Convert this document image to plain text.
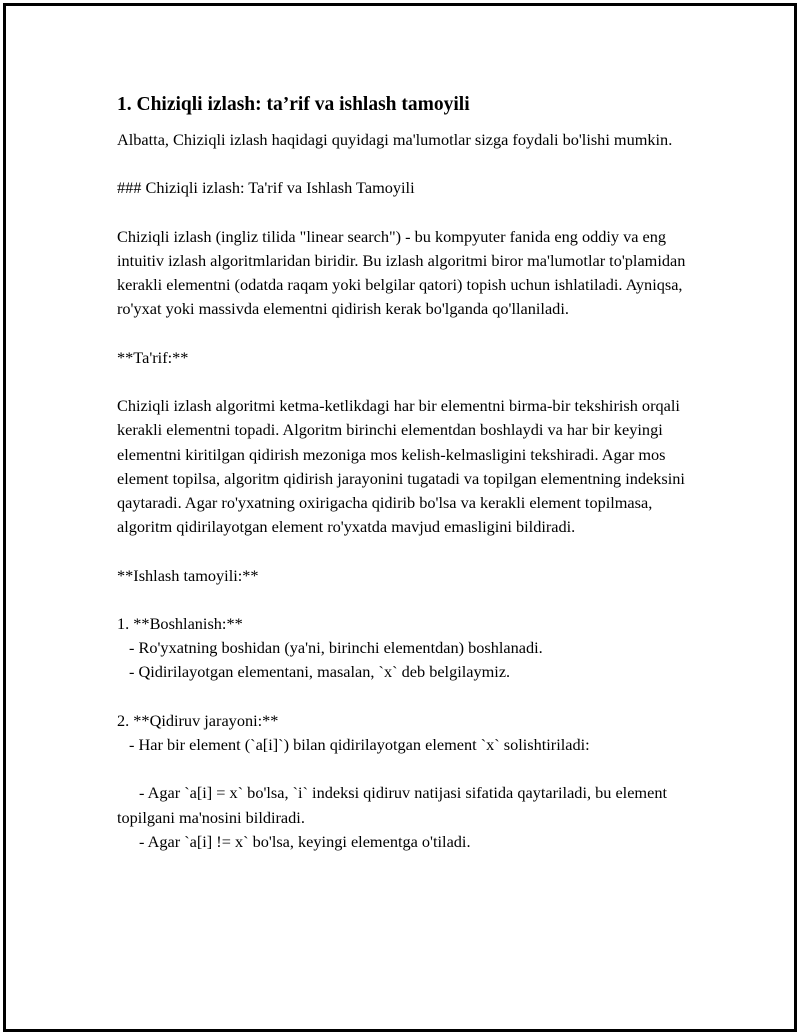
1. Chiziqli izlash: ta’rif va ishlash tamoyili

Albatta, Chiziqli izlash haqidagi quyidagi ma'lumotlar sizga foydali bo'lishi mumkin.

### Chiziqli izlash: Ta'rif va Ishlash Tamoyili

Chiziqli izlash (ingliz tilida "linear search") - bu kompyuter fanida eng oddiy va eng intuitiv izlash algoritmlaridan biridir. Bu izlash algoritmi biror ma'lumotlar to'plamidan kerakli elementni (odatda raqam yoki belgilar qatori) topish uchun ishlatiladi. Ayniqsa, ro'yxat yoki massivda elementni qidirish kerak bo'lganda qo'llaniladi.

**Ta'rif:**

Chiziqli izlash algoritmi ketma-ketlikdagi har bir elementni birma-bir tekshirish orqali kerakli elementni topadi. Algoritm birinchi elementdan boshlaydi va har bir keyingi elementni kiritilgan qidirish mezoniga mos kelish-kelmasligini tekshiradi. Agar mos element topilsa, algoritm qidirish jarayonini tugatadi va topilgan elementning indeksini qaytaradi. Agar ro'yxatning oxirigacha qidirib bo'lsa va kerakli element topilmasa, algoritm qidirilayotgan element ro'yxatda mavjud emasligini bildiradi.

**Ishlash tamoyili:**

1. **Boshlanish:**

- Ro'yxatning boshidan (ya'ni, birinchi elementdan) boshlanadi.

- Qidirilayotgan elementani, masalan, `x` deb belgilaymiz.

2. **Qidiruv jarayoni:**

- Har bir element (`a[i]`) bilan qidirilayotgan element `x` solishtiriladi:

- Agar `a[i] = x` bo'lsa, `i` indeksi qidiruv natijasi sifatida qaytariladi, bu element topilgani ma'nosini bildiradi.

- Agar `a[i] != x` bo'lsa, keyingi elementga o'tiladi.
